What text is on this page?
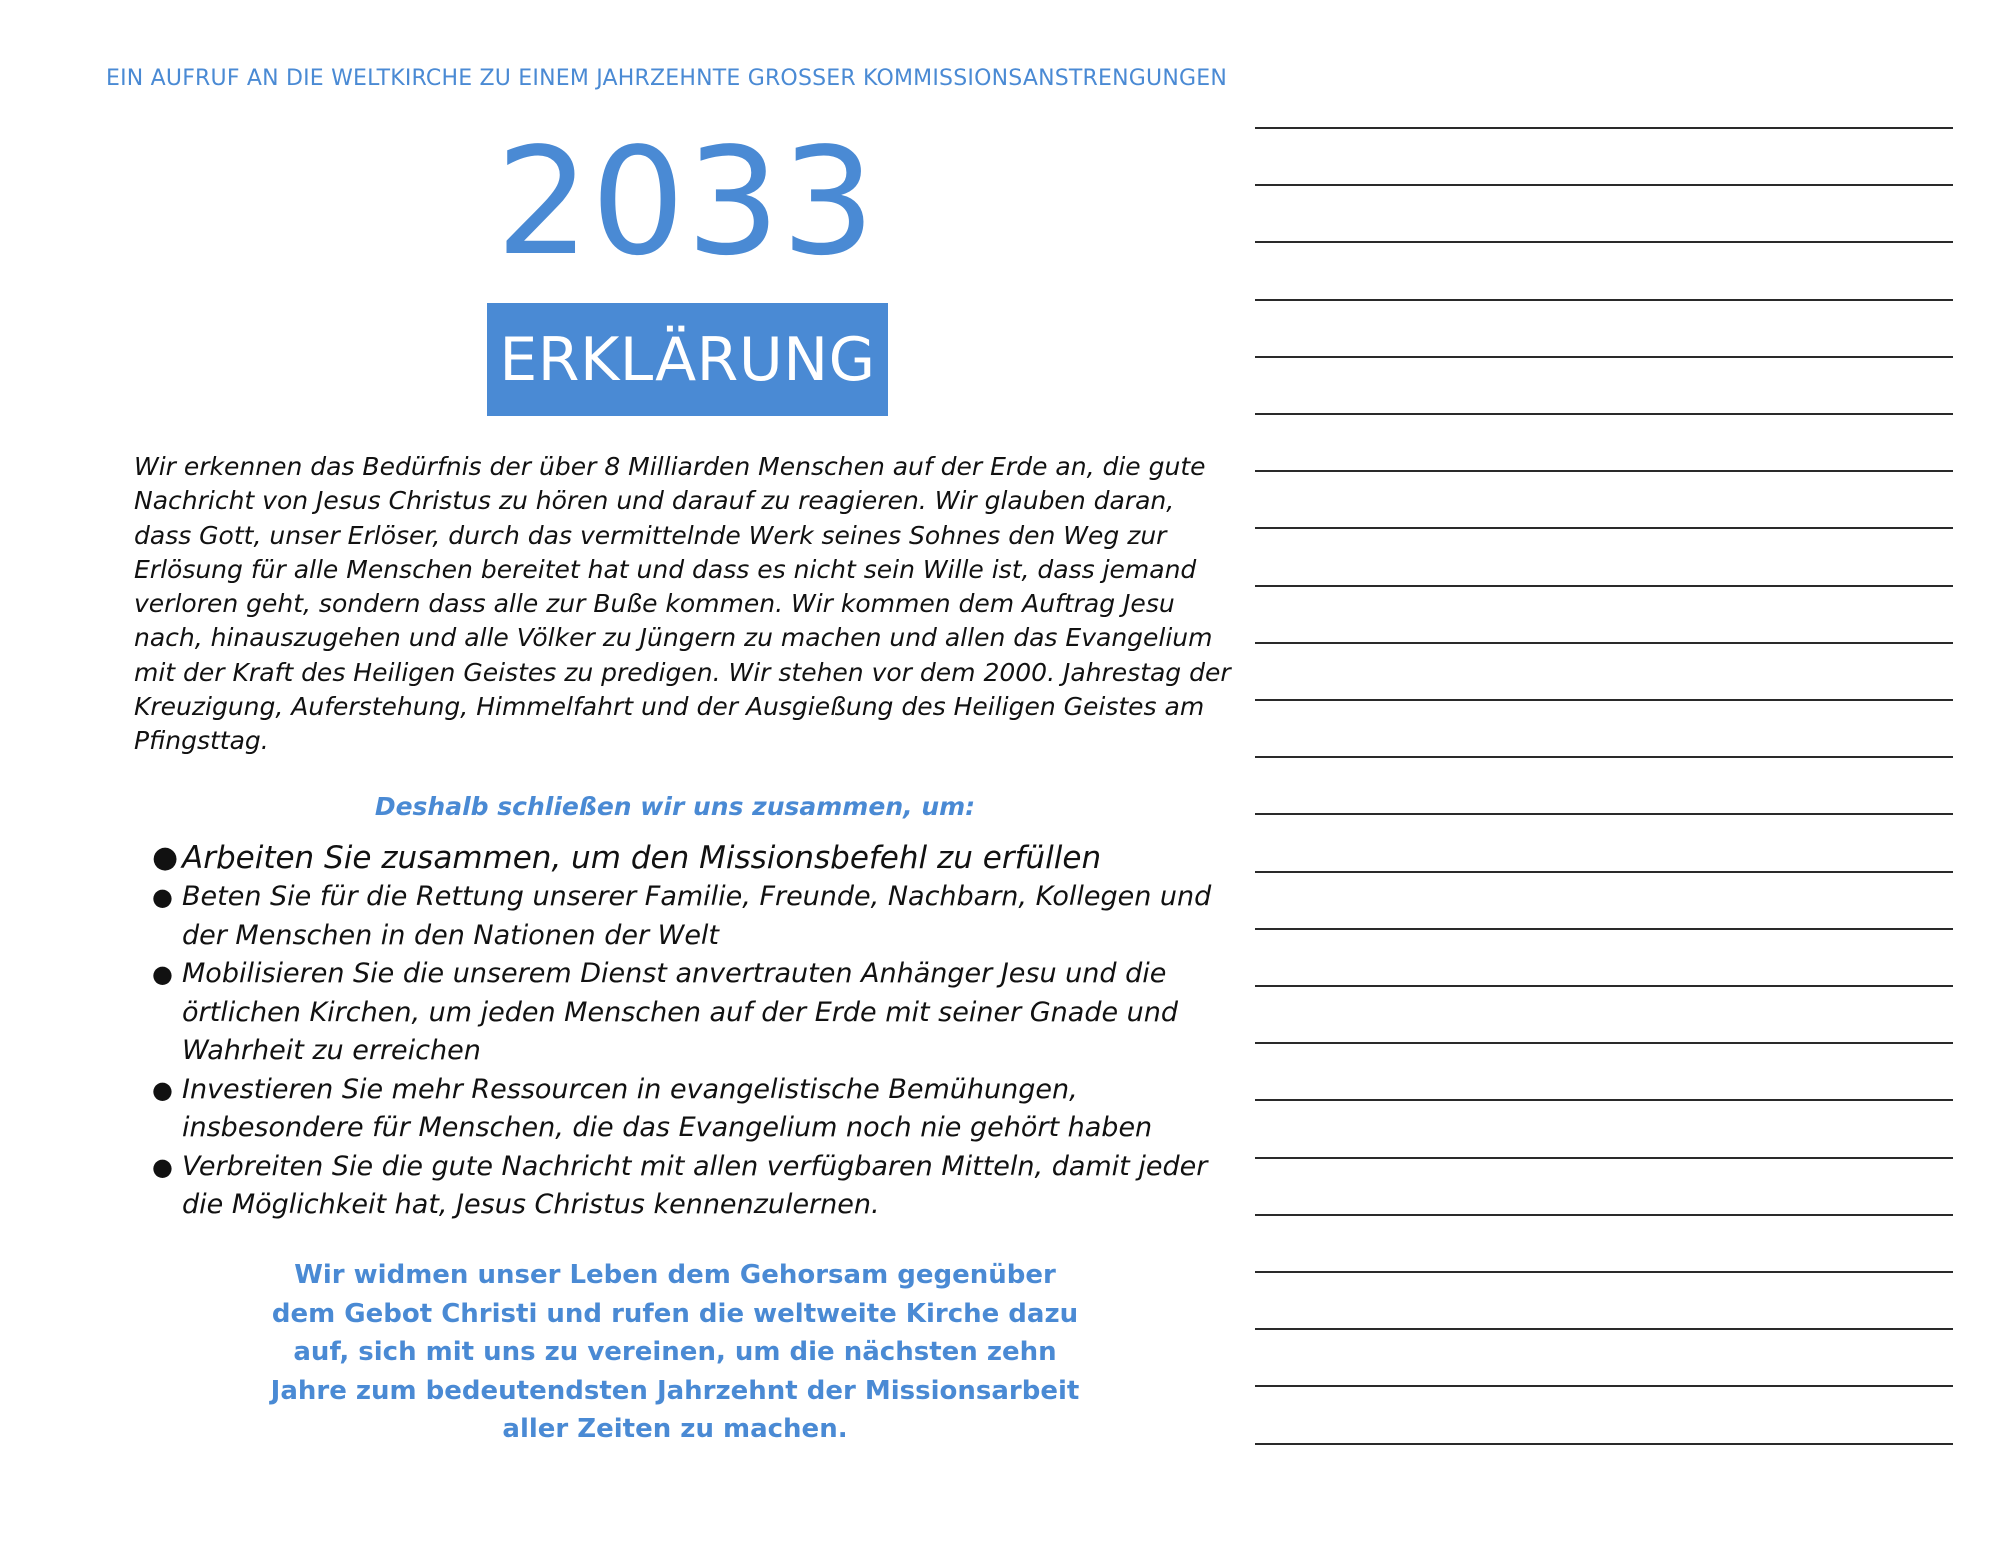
EIN AUFRUF AN DIE WELTKIRCHE ZU EINEM JAHRZEHNTE GROSSER KOMMISSIONSANSTRENGUNGEN
2033
ERKLÄRUNG

Wir erkennen das Bedürfnis der über 8 Milliarden Menschen auf der Erde an, die gute
Nachricht von Jesus Christus zu hören und darauf zu reagieren. Wir glauben daran,
dass Gott, unser Erlöser, durch das vermittelnde Werk seines Sohnes den Weg zur
Erlösung für alle Menschen bereitet hat und dass es nicht sein Wille ist, dass jemand
verloren geht, sondern dass alle zur Buße kommen. Wir kommen dem Auftrag Jesu
nach, hinauszugehen und alle Völker zu Jüngern zu machen und allen das Evangelium
mit der Kraft des Heiligen Geistes zu predigen. Wir stehen vor dem 2000. Jahrestag der
Kreuzigung, Auferstehung, Himmelfahrt und der Ausgießung des Heiligen Geistes am
Pfingsttag.

Deshalb schließen wir uns zusammen, um:
● Arbeiten Sie zusammen, um den Missionsbefehl zu erfüllen
● Beten Sie für die Rettung unserer Familie, Freunde, Nachbarn, Kollegen und
der Menschen in den Nationen der Welt
● Mobilisieren Sie die unserem Dienst anvertrauten Anhänger Jesu und die
örtlichen Kirchen, um jeden Menschen auf der Erde mit seiner Gnade und
Wahrheit zu erreichen
● Investieren Sie mehr Ressourcen in evangelistische Bemühungen,
insbesondere für Menschen, die das Evangelium noch nie gehört haben
● Verbreiten Sie die gute Nachricht mit allen verfügbaren Mitteln, damit jeder
die Möglichkeit hat, Jesus Christus kennenzulernen.
Wir widmen unser Leben dem Gehorsam gegenüber
dem Gebot Christi und rufen die weltweite Kirche dazu
auf, sich mit uns zu vereinen, um die nächsten zehn
Jahre zum bedeutendsten Jahrzehnt der Missionsarbeit
aller Zeiten zu machen.
